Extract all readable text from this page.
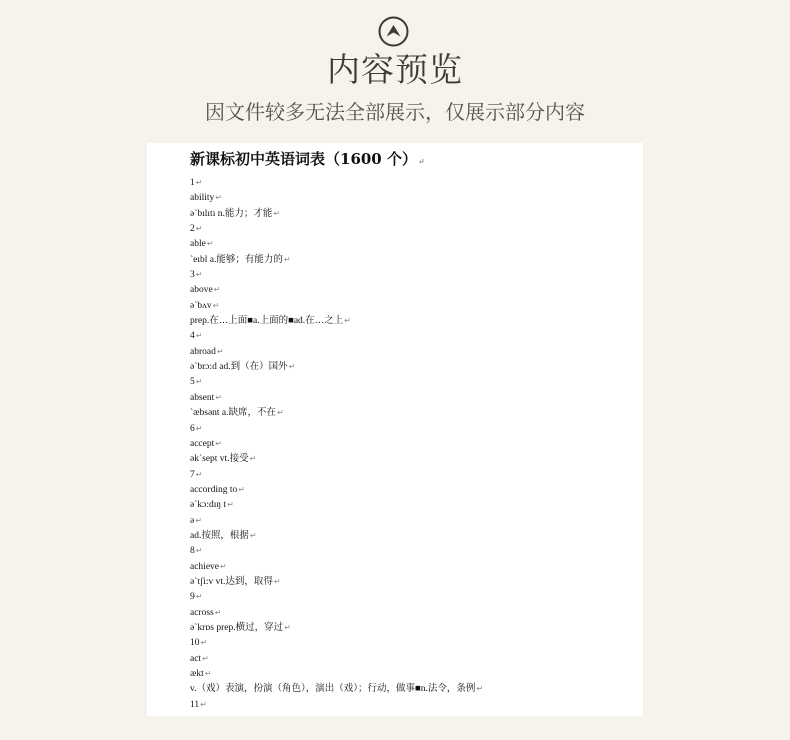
内容预览
因文件较多无法全部展示，仅展示部分内容
新课标初中英语词表（1600 个）↵
1↵
ability↵
ə`bılıtı n.能力；才能↵
2↵
able↵
`eıbl a.能够；有能力的↵
3↵
above↵
ə`bʌv↵
prep.在…上面■a.上面的■ad.在…之上↵
4↵
abroad↵
ə`brɔ:d ad.到（在）国外↵
5↵
absent↵
`æbsənt a.缺席，不在↵
6↵
accept↵
ək`sept vt.接受↵
7↵
according to↵
ə`kɔ:dıŋ t↵
ə↵
ad.按照，根据↵
8↵
achieve↵
ə`tʃi:v vt.达到，取得↵
9↵
across↵
ə`krɒs prep.横过，穿过↵
10↵
act↵
ækt↵
v.（戏）表演，扮演（角色），演出（戏）；行动，做事■n.法令，条例↵
11↵
